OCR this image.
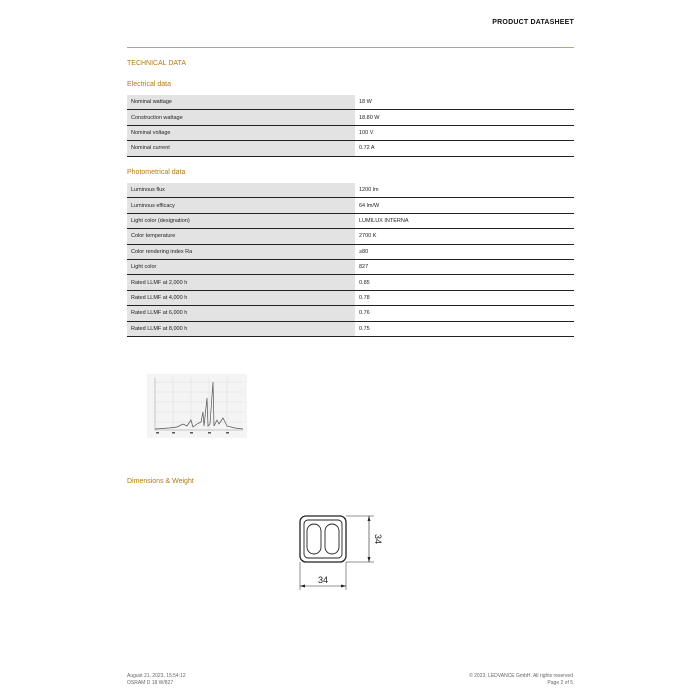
PRODUCT DATASHEET
TECHNICAL DATA
Electrical data
Nominal wattage	18 W
Construction wattage	18.80 W
Nominal voltage	100 V
Nominal current	0.72 A
Photometrical data
Luminous flux	1200 lm
Luminous efficacy	64 lm/W
Light color (designation)	LUMILUX INTERNA
Color temperature	2700 K
Color rendering index Ra	≥80
Light color	827
Rated LLMF at 2,000 h	0.85
Rated LLMF at 4,000 h	0.78
Rated LLMF at 6,000 h	0.76
Rated LLMF at 8,000 h	0.75
Dimensions & Weight
34
34
August 21, 2023, 15:54:12
OSRAM D 18 W/827
© 2023, LEDVANCE GmbH. All rights reserved
Page 2 of 5
